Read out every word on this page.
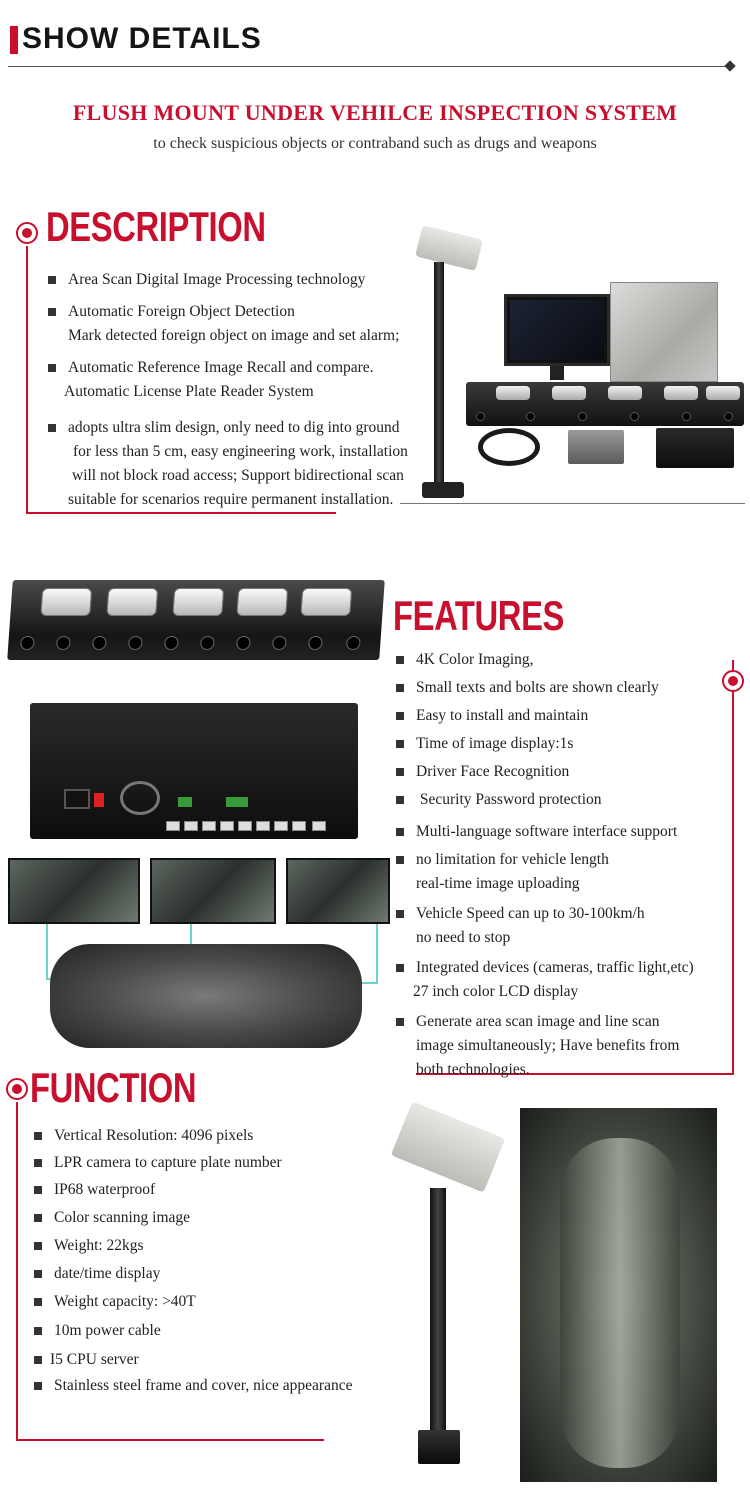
SHOW DETAILS
FLUSH MOUNT UNDER VEHILCE INSPECTION SYSTEM
to check suspicious objects or contraband such as drugs and weapons
DESCRIPTION
Area Scan Digital Image Processing technology
Automatic Foreign Object Detection
Mark detected foreign object on image and set alarm;
Automatic Reference Image Recall and compare.
Automatic License Plate Reader System
adopts ultra slim design, only need to dig into ground
for less than 5 cm, easy engineering work, installation
will not block road access; Support bidirectional scan
suitable for scenarios require permanent installation.
FEATURES
4K Color Imaging,
Small texts and bolts are shown clearly
Easy to install and maintain
Time of image display:1s
Driver Face Recognition
Security Password protection
Multi-language software interface support
no limitation for vehicle length
real-time image uploading
Vehicle Speed can up to 30-100km/h
no need to stop
Integrated devices (cameras, traffic light,etc)
27 inch color LCD display
Generate area scan image and line scan
image simultaneously; Have benefits from
both technologies.
FUNCTION
Vertical Resolution: 4096 pixels
LPR camera to capture plate number
IP68 waterproof
Color scanning image
Weight: 22kgs
date/time display
Weight capacity: >40T
10m power cable
I5 CPU server
Stainless steel frame and cover, nice appearance
